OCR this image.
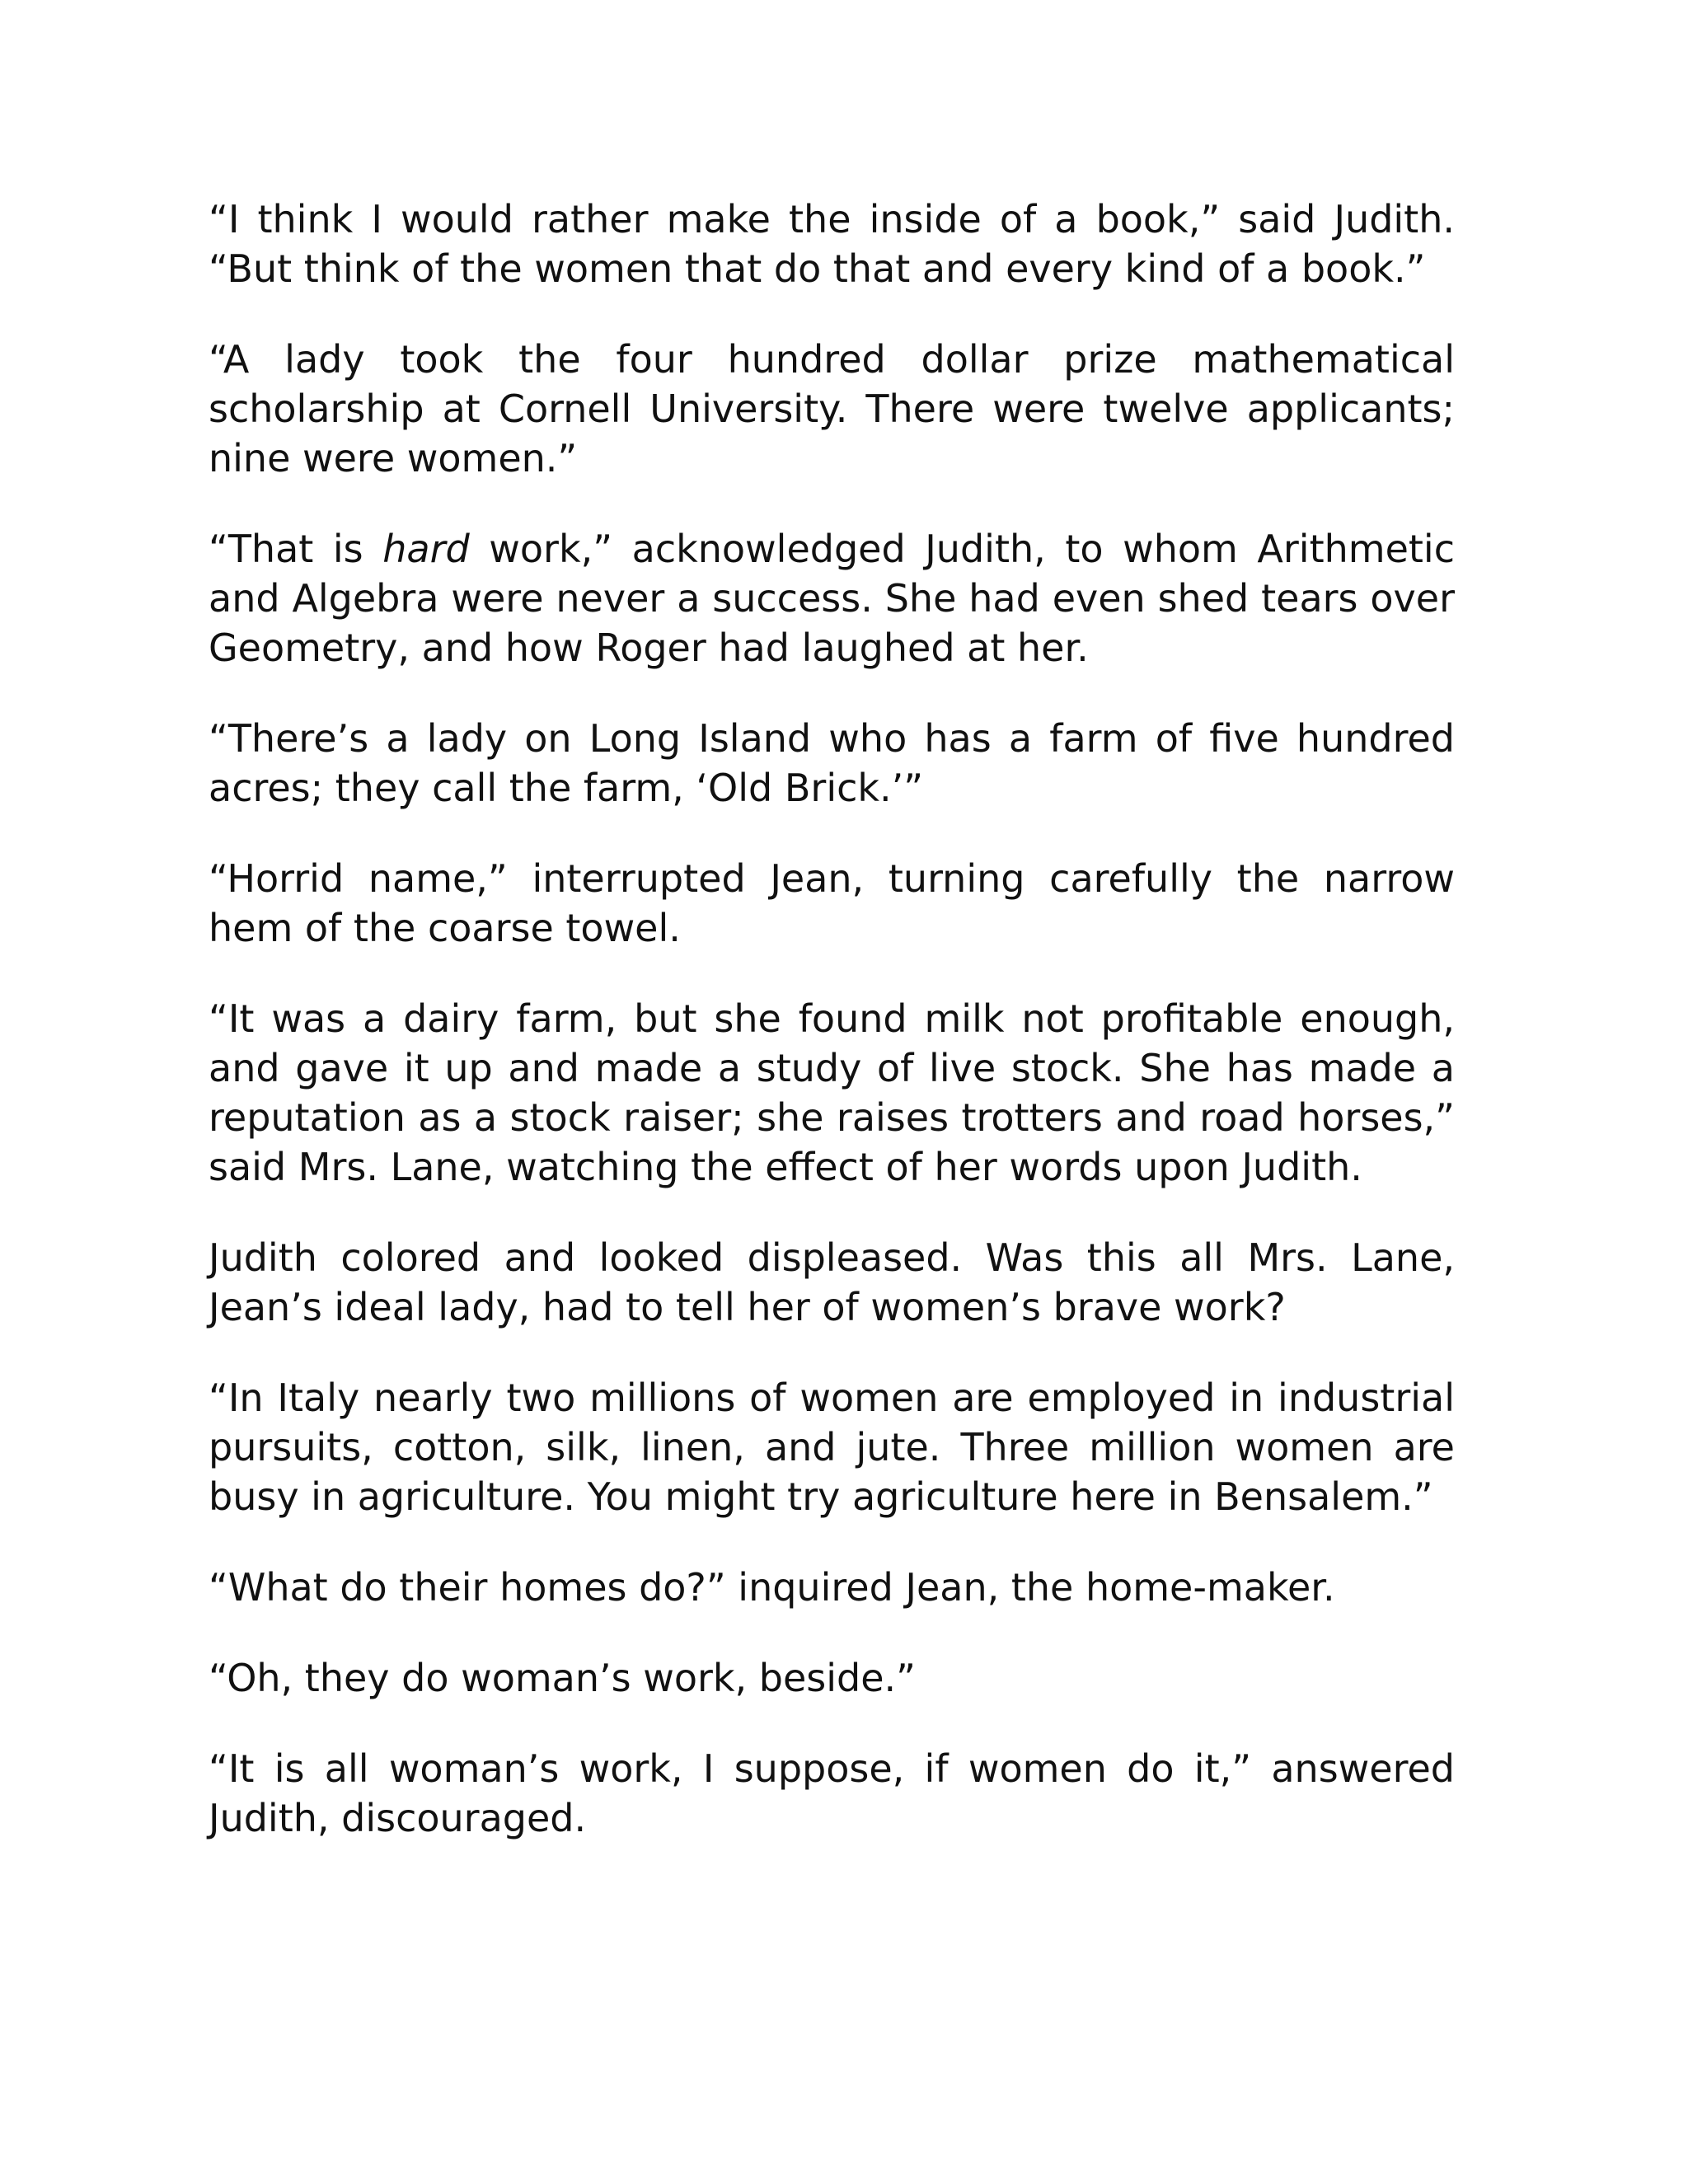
“I think I would rather make the inside of a book,” said Judith. “But think of the women that do that and every kind of a book.”

“A lady took the four hundred dollar prize mathematical scholarship at Cornell University. There were twelve applicants; nine were women.”

“That is hard work,” acknowledged Judith, to whom Arithmetic and Algebra were never a success. She had even shed tears over Geometry, and how Roger had laughed at her.

“There’s a lady on Long Island who has a farm of five hundred acres; they call the farm, ‘Old Brick.’”

“Horrid name,” interrupted Jean, turning carefully the narrow hem of the coarse towel.

“It was a dairy farm, but she found milk not profitable enough, and gave it up and made a study of live stock. She has made a reputation as a stock raiser; she raises trotters and road horses,” said Mrs. Lane, watching the effect of her words upon Judith.

Judith colored and looked displeased. Was this all Mrs. Lane, Jean’s ideal lady, had to tell her of women’s brave work?

“In Italy nearly two millions of women are employed in industrial pursuits, cotton, silk, linen, and jute. Three million women are busy in agriculture. You might try agriculture here in Bensalem.”

“What do their homes do?” inquired Jean, the home-maker.

“Oh, they do woman’s work, beside.”

“It is all woman’s work, I suppose, if women do it,” answered Judith, discouraged.
